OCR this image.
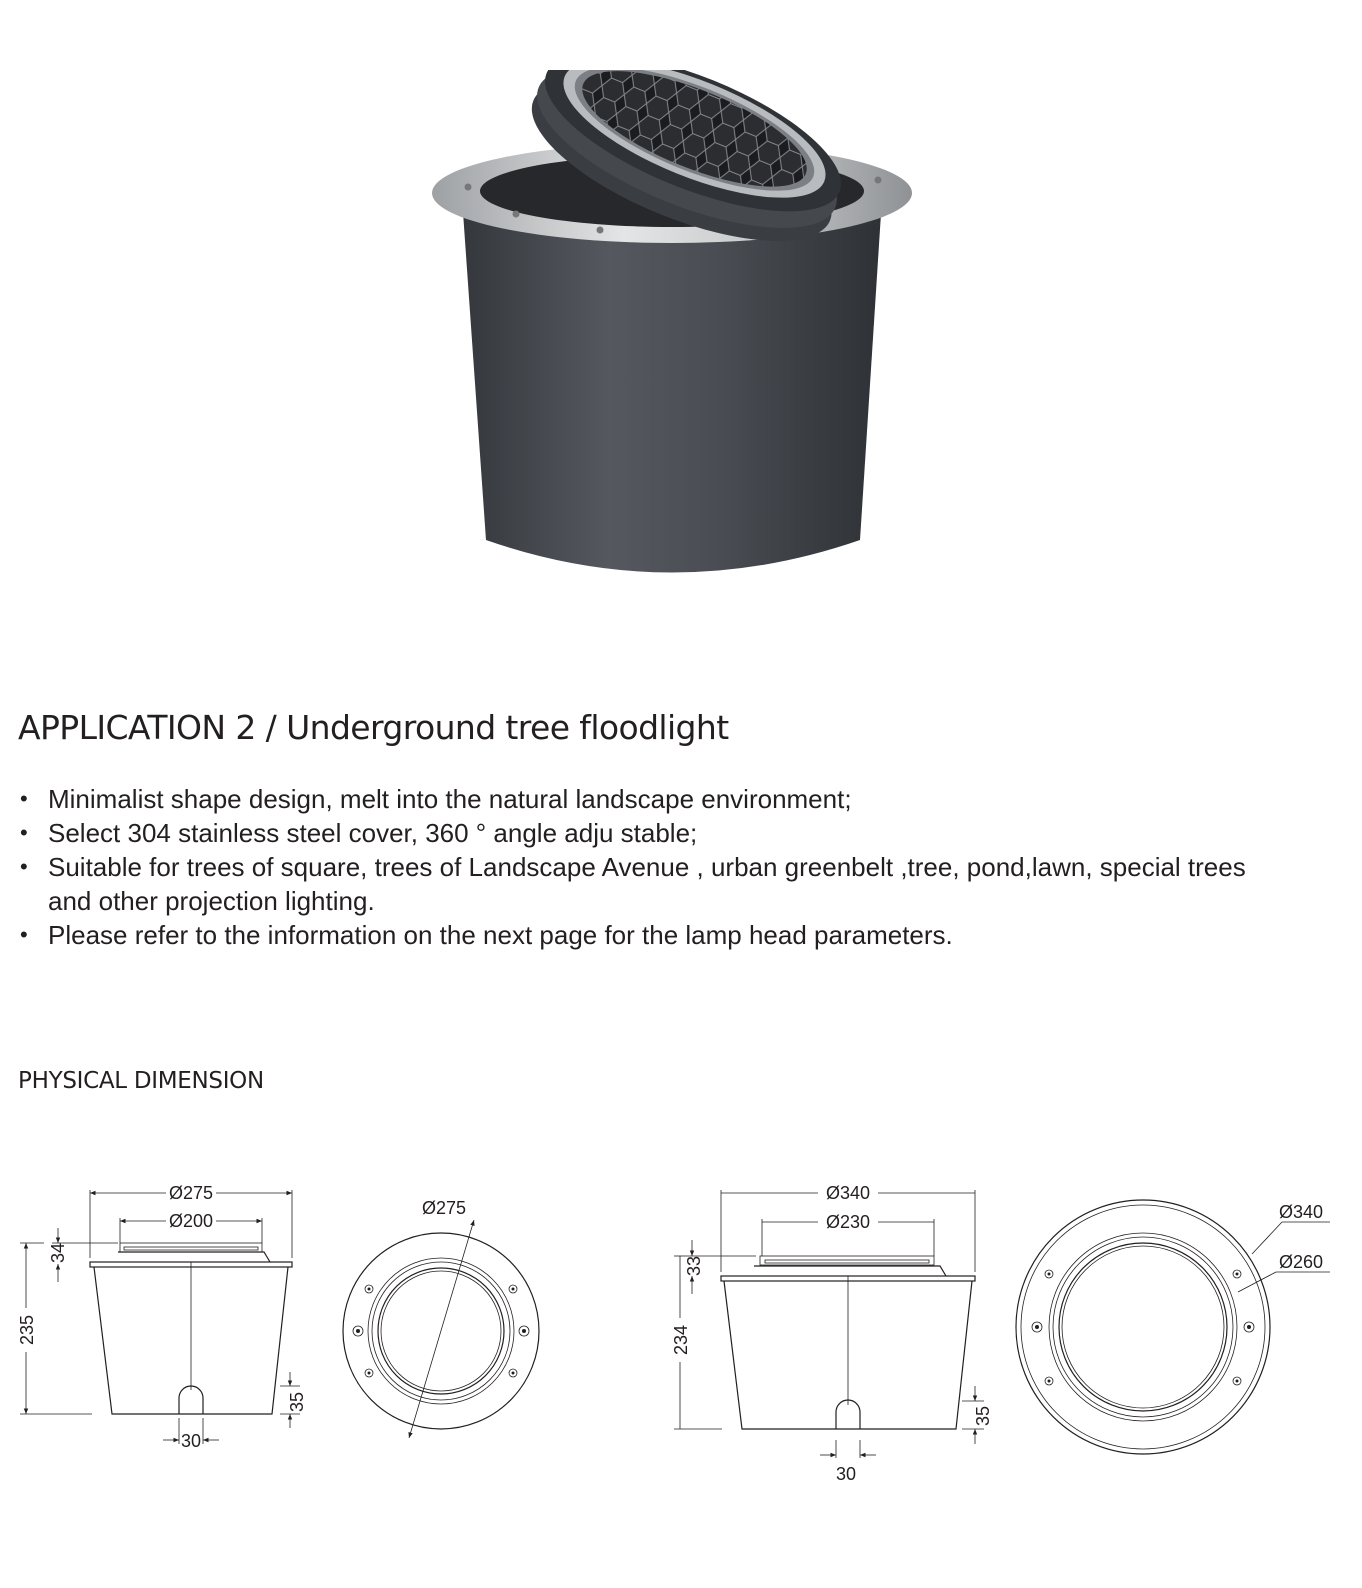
APPLICATION 2 / Underground tree floodlight
• Minimalist shape design, melt into the natural landscape environment;
• Select 304 stainless steel cover, 360 ° angle adju stable;
• Suitable for trees of square, trees of Landscape Avenue , urban greenbelt ,tree, pond,lawn, special trees and other projection lighting.
• Please refer to the information on the next page for the lamp head parameters.
PHYSICAL DIMENSION
Ø275
Ø200
34
235
35
30
Ø275
Ø340
Ø230
33
234
35
30
Ø340
Ø260
